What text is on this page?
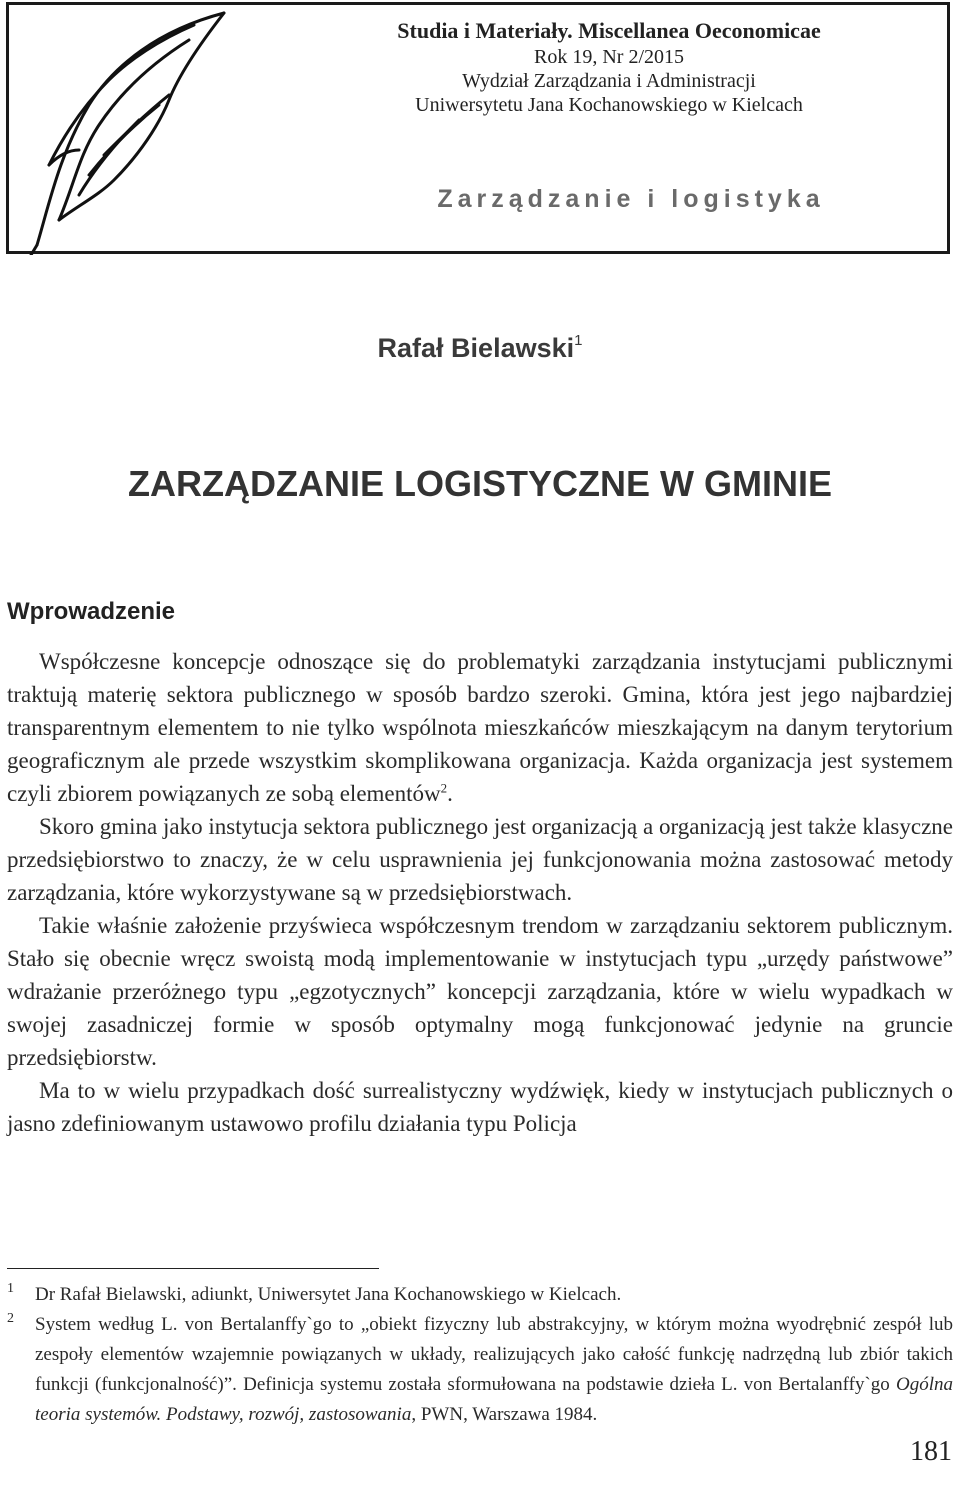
Studia i Materiały. Miscellanea Oeconomicae
Rok 19, Nr 2/2015
Wydział Zarządzania i Administracji
Uniwersytetu Jana Kochanowskiego w Kielcach
Zarządzanie i logistyka
Rafał Bielawski$^1$
ZARZĄDZANIE LOGISTYCZNE W GMINIE
Wprowadzenie

Współczesne koncepcje odnoszące się do problematyki zarządzania instytucjami publicznymi traktują materię sektora publicznego w sposób bardzo szeroki. Gmina, która jest jego najbardziej transparentnym elementem to nie tylko wspólnota mieszkańców mieszkającym na danym terytorium geograficznym ale przede wszystkim skomplikowana organizacja. Każda organizacja jest systemem czyli zbiorem powiązanych ze sobą elementów$^2$.

Skoro gmina jako instytucja sektora publicznego jest organizacją a organizacją jest także klasyczne przedsiębiorstwo to znaczy, że w celu usprawnienia jej funkcjonowania można zastosować metody zarządzania, które wykorzystywane są w przedsiębiorstwach.

Takie właśnie założenie przyświeca współczesnym trendom w zarządzaniu sektorem publicznym. Stało się obecnie wręcz swoistą modą implementowanie w instytucjach typu „urzędy państwowe” wdrażanie przeróżnego typu „egzotycznych” koncepcji zarządzania, które w wielu wypadkach w swojej zasadniczej formie w sposób optymalny mogą funkcjonować jedynie na gruncie przedsiębiorstw.

Ma to w wielu przypadkach dość surrealistyczny wydźwięk, kiedy w instytucjach publicznych o jasno zdefiniowanym ustawowo profilu działania typu Policja

1 Dr Rafał Bielawski, adiunkt, Uniwersytet Jana Kochanowskiego w Kielcach.
2 System według L. von Bertalanffy`go to „obiekt fizyczny lub abstrakcyjny, w którym można wyodrębnić zespół lub zespoły elementów wzajemnie powiązanych w układy, realizujących jako całość funkcję nadrzędną lub zbiór takich funkcji (funkcjonalność)”. Definicja systemu została sformułowana na podstawie dzieła L. von Bertalanffy`go Ogólna teoria systemów. Podstawy, rozwój, zastosowania, PWN, Warszawa 1984.
181
